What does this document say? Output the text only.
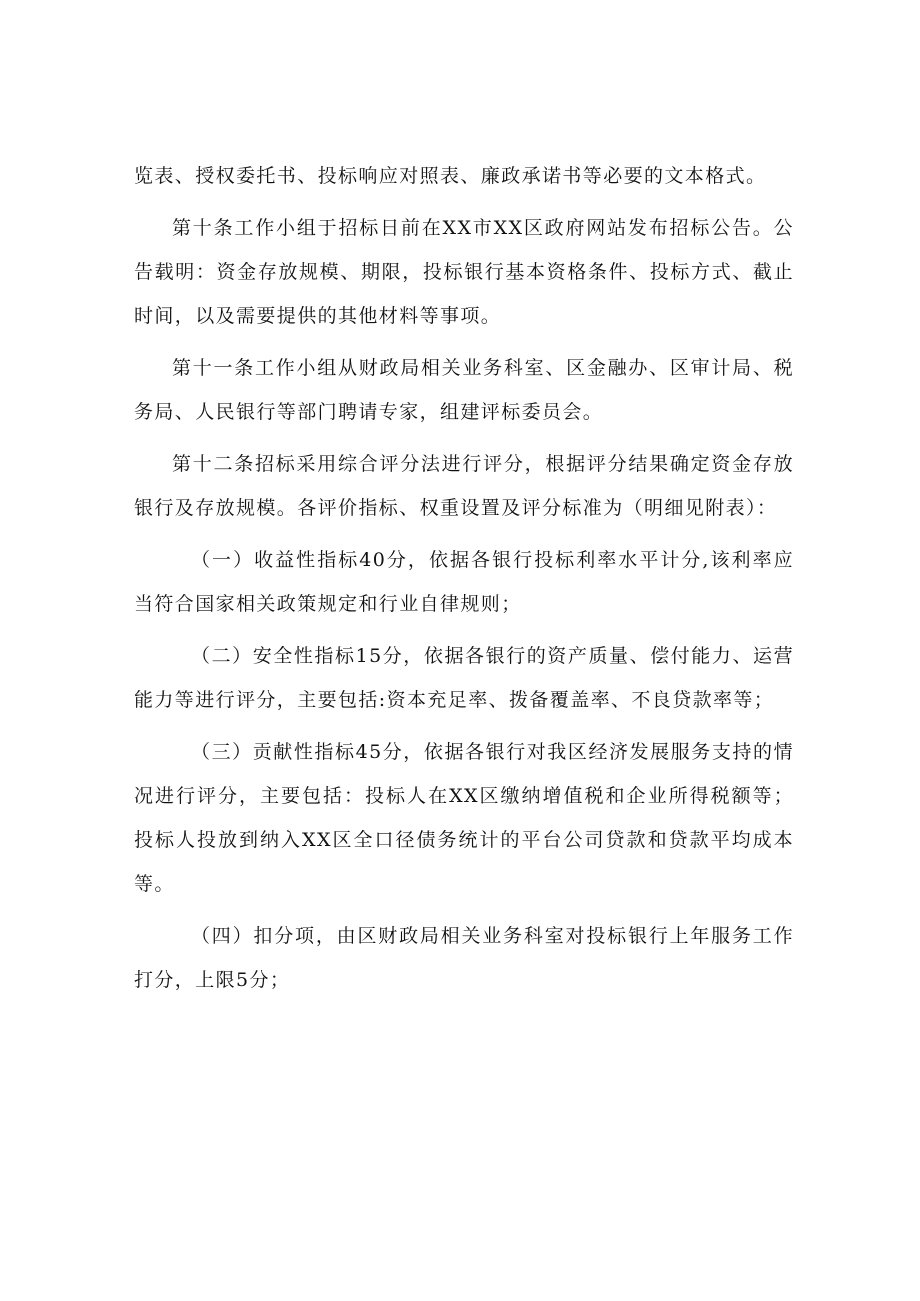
览表、授权委托书、投标响应对照表、廉政承诺书等必要的文本格式。

第十条工作小组于招标日前在XX市XX区政府网站发布招标公告。公告载明：资金存放规模、期限，投标银行基本资格条件、投标方式、截止时间，以及需要提供的其他材料等事项。

第十一条工作小组从财政局相关业务科室、区金融办、区审计局、税务局、人民银行等部门聘请专家，组建评标委员会。

第十二条招标采用综合评分法进行评分，根据评分结果确定资金存放银行及存放规模。各评价指标、权重设置及评分标准为（明细见附表）：

（一）收益性指标40分，依据各银行投标利率水平计分,该利率应当符合国家相关政策规定和行业自律规则；

（二）安全性指标15分，依据各银行的资产质量、偿付能力、运营能力等进行评分，主要包括:资本充足率、拨备覆盖率、不良贷款率等；

（三）贡献性指标45分，依据各银行对我区经济发展服务支持的情况进行评分，主要包括：投标人在XX区缴纳增值税和企业所得税额等；投标人投放到纳入XX区全口径债务统计的平台公司贷款和贷款平均成本等。

（四）扣分项，由区财政局相关业务科室对投标银行上年服务工作打分，上限5分；
